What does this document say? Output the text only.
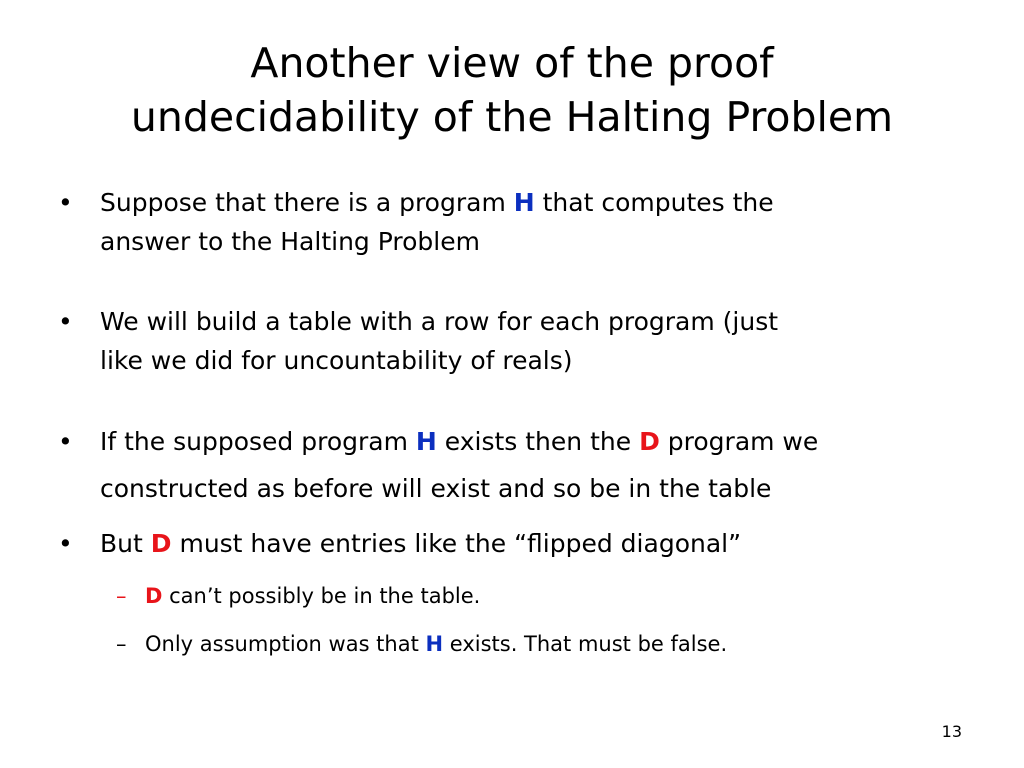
Another view of the proof
undecidability of the Halting Problem
•	Suppose that there is a program H that computes the
answer to the Halting Problem
•	We will build a table with a row for each program (just
like we did for uncountability of reals)
•	If the supposed program H exists then the D program we
constructed as before will exist and so be in the table
•	But D must have entries like the “flipped diagonal”
– D can’t possibly be in the table.
– Only assumption was that H exists. That must be false.
13
